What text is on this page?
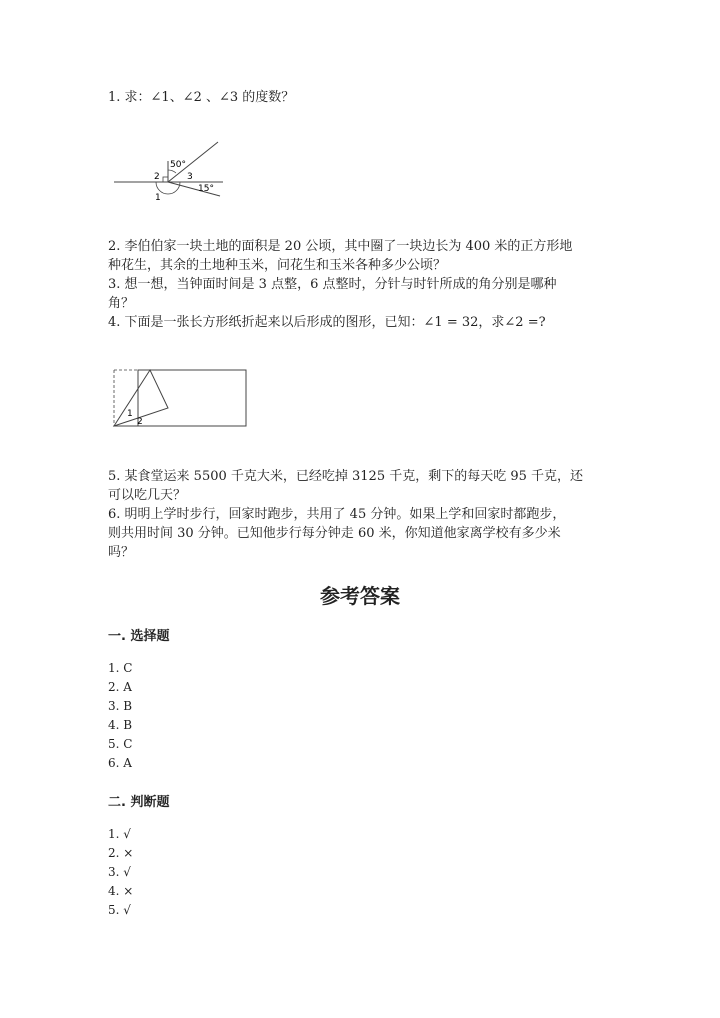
1. 求：∠1、∠2 、∠3 的度数？
50°
2	3
15°
1
2. 李伯伯家一块土地的面积是 20 公顷，其中圈了一块边长为 400 米的正方形地
种花生，其余的土地种玉米，问花生和玉米各种多少公顷？
3. 想一想，当钟面时间是 3 点整，6 点整时，分针与时针所成的角分别是哪种
角？
4. 下面是一张长方形纸折起来以后形成的图形，已知：∠1 = 32，求∠2 =?
1
2
5. 某食堂运来 5500 千克大米，已经吃掉 3125 千克，剩下的每天吃 95 千克，还
可以吃几天？
6. 明明上学时步行，回家时跑步，共用了 45 分钟。如果上学和回家时都跑步，
则共用时间 30 分钟。已知他步行每分钟走 60 米，你知道他家离学校有多少米
吗？
参考答案
一. 选择题
1. C
2. A
3. B
4. B
5. C
6. A
二. 判断题
1. √
2. ×
3. √
4. ×
5. √
